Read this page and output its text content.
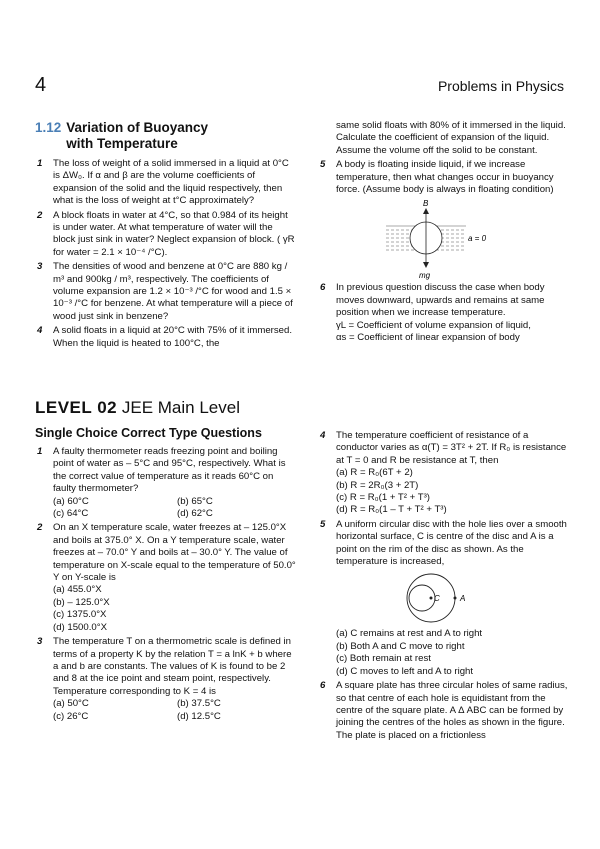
4	Problems in Physics
1.12 Variation of Buoyancy with Temperature
1	The loss of weight of a solid immersed in a liquid at 0°C is ΔW₀. If α and β are the volume coefficients of expansion of the solid and the liquid respectively, then what is the loss of weight at t°C approximately?
2	A block floats in water at 4°C, so that 0.984 of its height is under water. At what temperature of water will the block just sink in water? Neglect expansion of block. ( γR for water = 2.1 × 10⁻⁴ /°C).
3	The densities of wood and benzene at 0°C are 880 kg / m³ and 900kg / m³, respectively. The coefficients of volume expansion are 1.2 × 10⁻³ /°C for wood and 1.5 × 10⁻³ /°C for benzene. At what temperature will a piece of wood just sink in benzene?
4	A solid floats in a liquid at 20°C with 75% of it immersed. When the liquid is heated to 100°C, the
same solid floats with 80% of it immersed in the liquid. Calculate the coefficient of expansion of the liquid. Assume the volume off the solid to be constant.
5	A body is floating inside liquid, if we increase temperature, then what changes occur in buoyancy force. (Assume body is always in floating condition)
B
a = 0
mg
6	In previous question discuss the case when body moves downward, upwards and remains at same position when we increase temperature.
γL = Coefficient of volume expansion of liquid,
αs = Coefficient of linear expansion of body
LEVEL 02 JEE Main Level
Single Choice Correct Type Questions
1	A faulty thermometer reads freezing point and boiling point of water as – 5°C and 95°C, respectively. What is the correct value of temperature as it reads 60°C on faulty thermometer?
(a) 60°C	(b) 65°C
(c) 64°C	(d) 62°C
2	On an X temperature scale, water freezes at – 125.0°X and boils at 375.0° X. On a Y temperature scale, water freezes at – 70.0° Y and boils at – 30.0° Y. The value of temperature on X-scale equal to the temperature of 50.0° Y on Y-scale is
(a) 455.0°X
(b) – 125.0°X
(c) 1375.0°X
(d) 1500.0°X
3	The temperature T on a thermometric scale is defined in terms of a property K by the relation T = a lnK + b where a and b are constants. The values of K is found to be 2 and 8 at the ice point and steam point, respectively. Temperature corresponding to K = 4 is
(a) 50°C	(b) 37.5°C
(c) 26°C	(d) 12.5°C
4	The temperature coefficient of resistance of a conductor varies as α(T) = 3T² + 2T. If R₀ is resistance at T = 0 and R be resistance at T, then
(a) R = R₀(6T + 2)
(b) R = 2R₀(3 + 2T)
(c) R = R₀(1 + T² + T³)
(d) R = R₀(1 – T + T² + T³)
5	A uniform circular disc with the hole lies over a smooth horizontal surface, C is centre of the disc and A is a point on the rim of the disc as shown. As the temperature is increased,
C	A
(a) C remains at rest and A to right
(b) Both A and C move to right
(c) Both remain at rest
(d) C moves to left and A to right
6	A square plate has three circular holes of same radius, so that centre of each hole is equidistant from the centre of the square plate. A Δ ABC can be formed by joining the centres of the holes as shown in the figure. The plate is placed on a frictionless
